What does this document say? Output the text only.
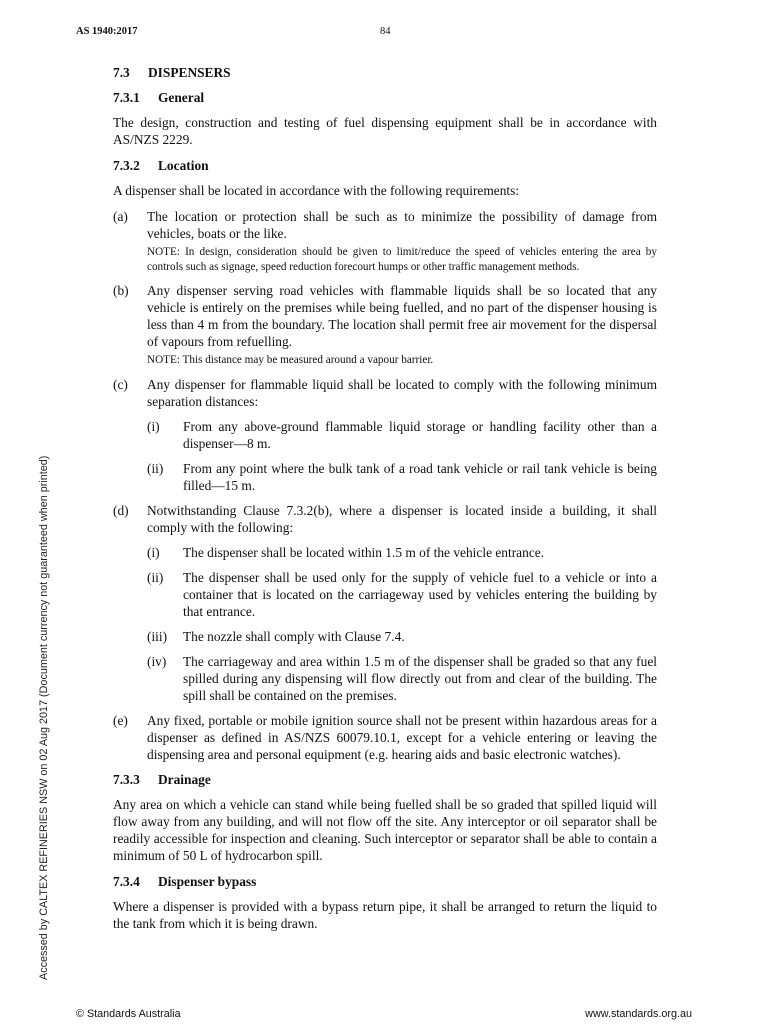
AS 1940:2017	84
Accessed by CALTEX REFINERIES NSW on 02 Aug 2017 (Document currency not guaranteed when printed)
7.3 DISPENSERS
7.3.1 General

The design, construction and testing of fuel dispensing equipment shall be in accordance with AS/NZS 2229.

7.3.2 Location

A dispenser shall be located in accordance with the following requirements:

(a) The location or protection shall be such as to minimize the possibility of damage from vehicles, boats or the like.
NOTE: In design, consideration should be given to limit/reduce the speed of vehicles entering the area by controls such as signage, speed reduction forecourt humps or other traffic management methods.
(b) Any dispenser serving road vehicles with flammable liquids shall be so located that any vehicle is entirely on the premises while being fuelled, and no part of the dispenser housing is less than 4 m from the boundary. The location shall permit free air movement for the dispersal of vapours from refuelling.
NOTE: This distance may be measured around a vapour barrier.
(c) Any dispenser for flammable liquid shall be located to comply with the following minimum separation distances:
(i) From any above-ground flammable liquid storage or handling facility other than a dispenser—8 m.
(ii) From any point where the bulk tank of a road tank vehicle or rail tank vehicle is being filled—15 m.
(d) Notwithstanding Clause 7.3.2(b), where a dispenser is located inside a building, it shall comply with the following:
(i) The dispenser shall be located within 1.5 m of the vehicle entrance.
(ii) The dispenser shall be used only for the supply of vehicle fuel to a vehicle or into a container that is located on the carriageway used by vehicles entering the building by that entrance.
(iii) The nozzle shall comply with Clause 7.4.
(iv) The carriageway and area within 1.5 m of the dispenser shall be graded so that any fuel spilled during any dispensing will flow directly out from and clear of the building. The spill shall be contained on the premises.
(e) Any fixed, portable or mobile ignition source shall not be present within hazardous areas for a dispenser as defined in AS/NZS 60079.10.1, except for a vehicle entering or leaving the dispensing area and personal equipment (e.g. hearing aids and basic electronic watches).
7.3.3 Drainage

Any area on which a vehicle can stand while being fuelled shall be so graded that spilled liquid will flow away from any building, and will not flow off the site. Any interceptor or oil separator shall be readily accessible for inspection and cleaning. Such interceptor or separator shall be able to contain a minimum of 50 L of hydrocarbon spill.

7.3.4 Dispenser bypass

Where a dispenser is provided with a bypass return pipe, it shall be arranged to return the liquid to the tank from which it is being drawn.

© Standards Australia	www.standards.org.au
